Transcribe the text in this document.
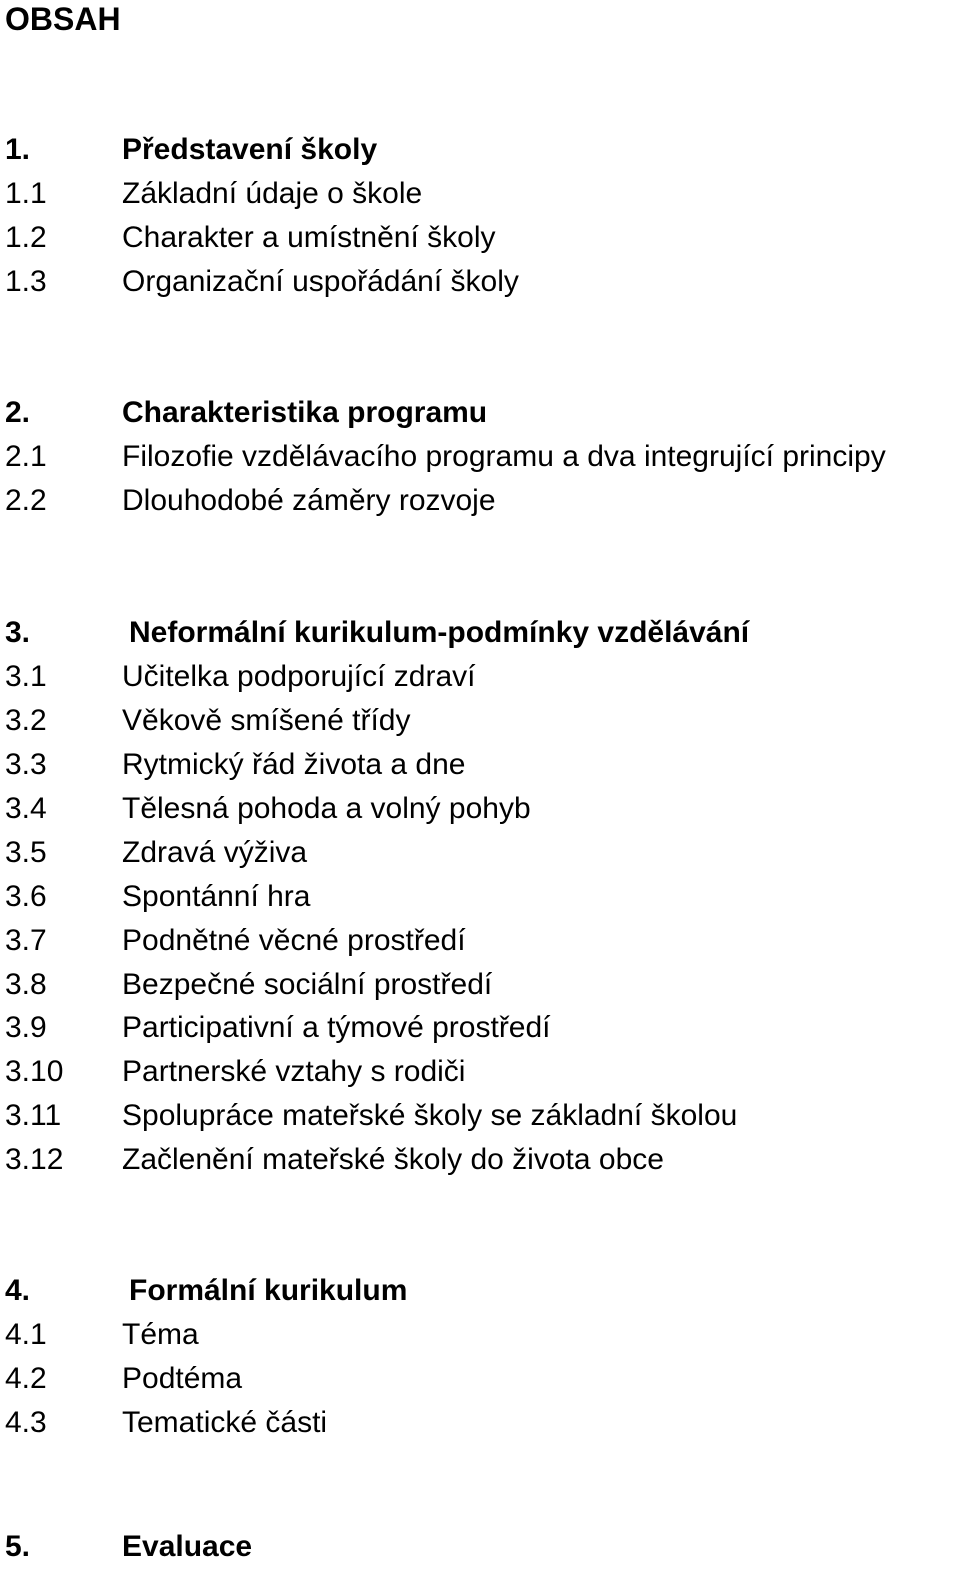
OBSAH
1.	Představení školy
1.1	Základní údaje o škole
1.2	Charakter a umístnění školy
1.3	Organizační uspořádání školy
2.	Charakteristika programu
2.1	Filozofie vzdělávacího programu a dva integrující principy
2.2	Dlouhodobé záměry rozvoje
3.	Neformální kurikulum-podmínky vzdělávání
3.1	Učitelka podporující zdraví
3.2	Věkově smíšené třídy
3.3	Rytmický řád života a dne
3.4	Tělesná pohoda a volný pohyb
3.5	Zdravá výživa
3.6	Spontánní hra
3.7	Podnětné věcné prostředí
3.8	Bezpečné sociální prostředí
3.9	Participativní a týmové prostředí
3.10 Partnerské vztahy s rodiči
3.11 Spolupráce mateřské školy se základní školou
3.12 Začlenění mateřské školy do života obce
4.	Formální kurikulum
4.1	Téma
4.2	Podtéma
4.3	Tematické části
5.	Evaluace
